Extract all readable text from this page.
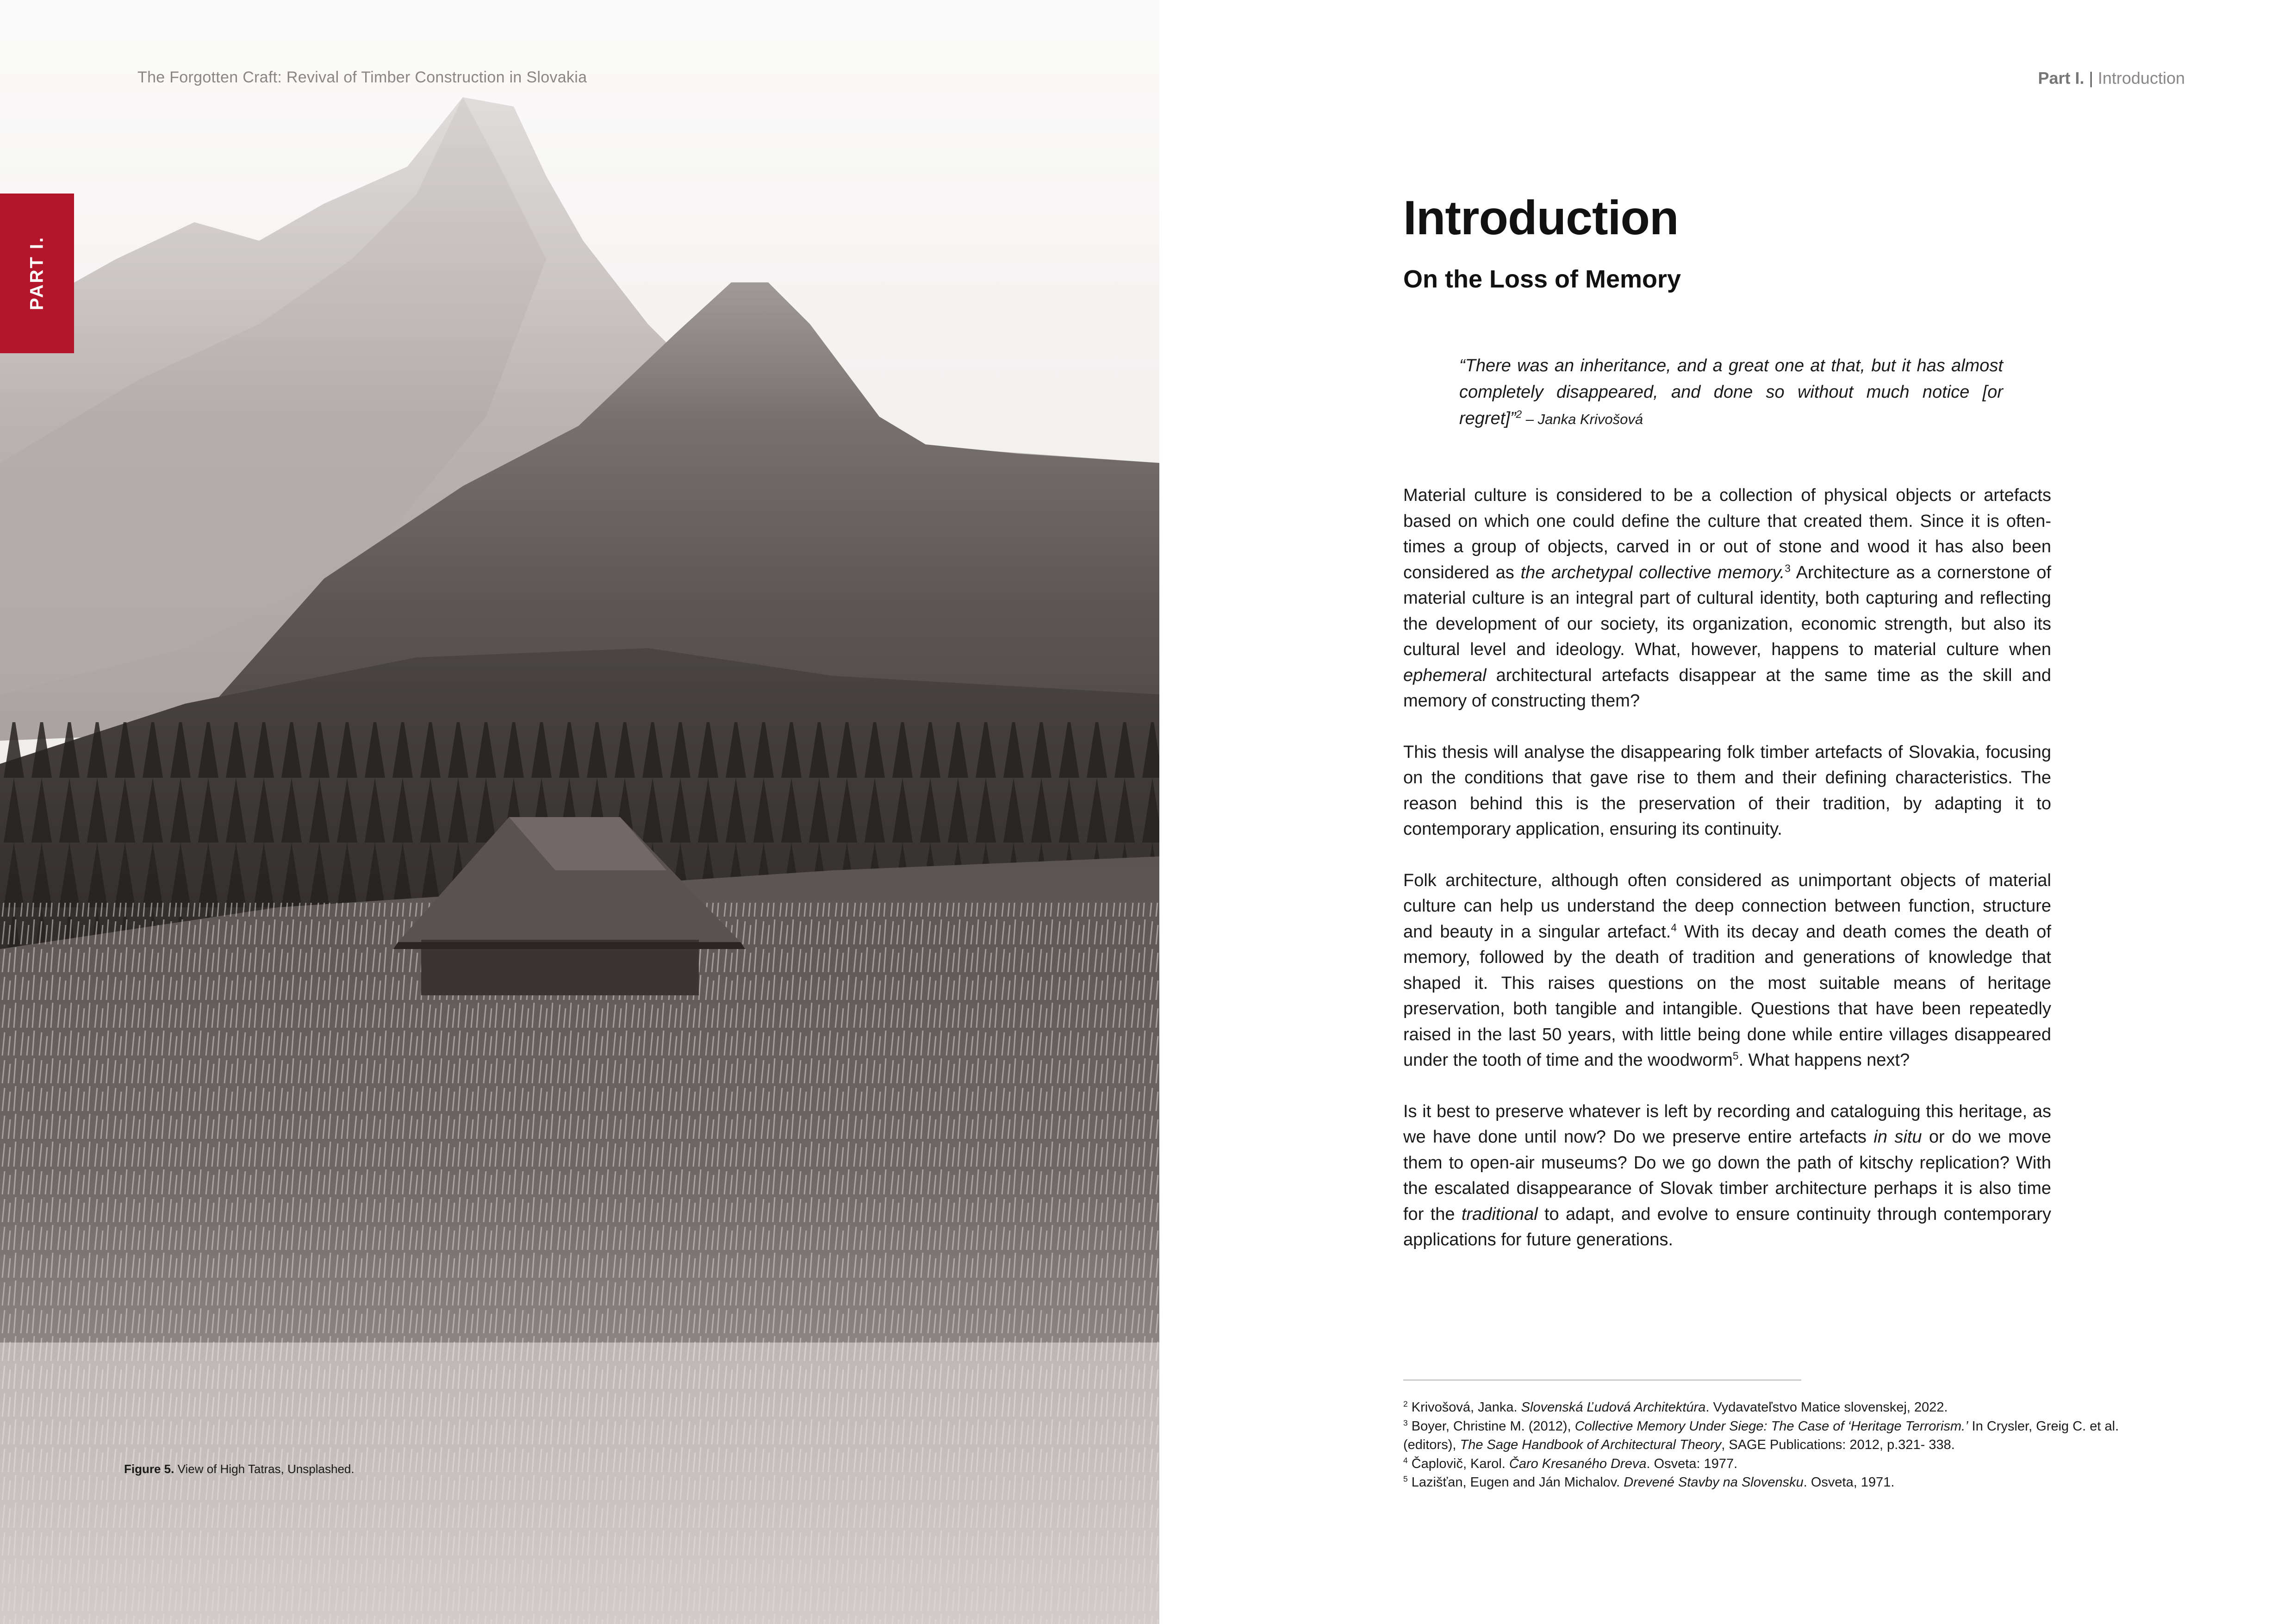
The Forgotten Craft: Revival of Timber Construction in Slovakia
PART I.
Figure 5. View of High Tatras, Unsplashed.
Part I. | Introduction
Introduction
On the Loss of Memory
“There was an inheritance, and a great one at that, but it has almost completely disappeared, and done so without much notice [or regret]”$^2$ – Janka Krivošová

Material culture is considered to be a collection of physical objects or artefacts based on which one could define the culture that created them. Since it is often-times a group of objects, carved in or out of stone and wood it has also been considered as the archetypal collective memory.$^3$ Architecture as a cornerstone of material culture is an integral part of cultural identity, both capturing and reflecting the development of our society, its organization, economic strength, but also its cultural level and ideology. What, however, happens to material culture when ephemeral architectural artefacts disappear at the same time as the skill and memory of constructing them?

This thesis will analyse the disappearing folk timber artefacts of Slovakia, focusing on the conditions that gave rise to them and their defining characteristics. The reason behind this is the preservation of their tradition, by adapting it to contemporary application, ensuring its continuity.

Folk architecture, although often considered as unimportant objects of material culture can help us understand the deep connection between function, structure and beauty in a singular artefact.$^4$ With its decay and death comes the death of memory, followed by the death of tradition and generations of knowledge that shaped it. This raises questions on the most suitable means of heritage preservation, both tangible and intangible. Questions that have been repeatedly raised in the last 50 years, with little being done while entire villages disappeared under the tooth of time and the woodworm$^5$. What happens next?

Is it best to preserve whatever is left by recording and cataloguing this heritage, as we have done until now? Do we preserve entire artefacts in situ or do we move them to open-air museums? Do we go down the path of kitschy replication? With the escalated disappearance of Slovak timber architecture perhaps it is also time for the traditional to adapt, and evolve to ensure continuity through contemporary applications for future generations.

$^2$ Krivošová, Janka. Slovenská Ľudová Architektúra. Vydavateľstvo Matice slovenskej, 2022.
$^3$ Boyer, Christine M. (2012), Collective Memory Under Siege: The Case of ‘Heritage Terrorism.’ In Crysler, Greig C. et al.
(editors), The Sage Handbook of Architectural Theory, SAGE Publications: 2012, p.321- 338.
$^4$ Čaplovič, Karol. Čaro Kresaného Dreva. Osveta: 1977.
$^5$ Lazišťan, Eugen and Ján Michalov. Drevené Stavby na Slovensku. Osveta, 1971.
